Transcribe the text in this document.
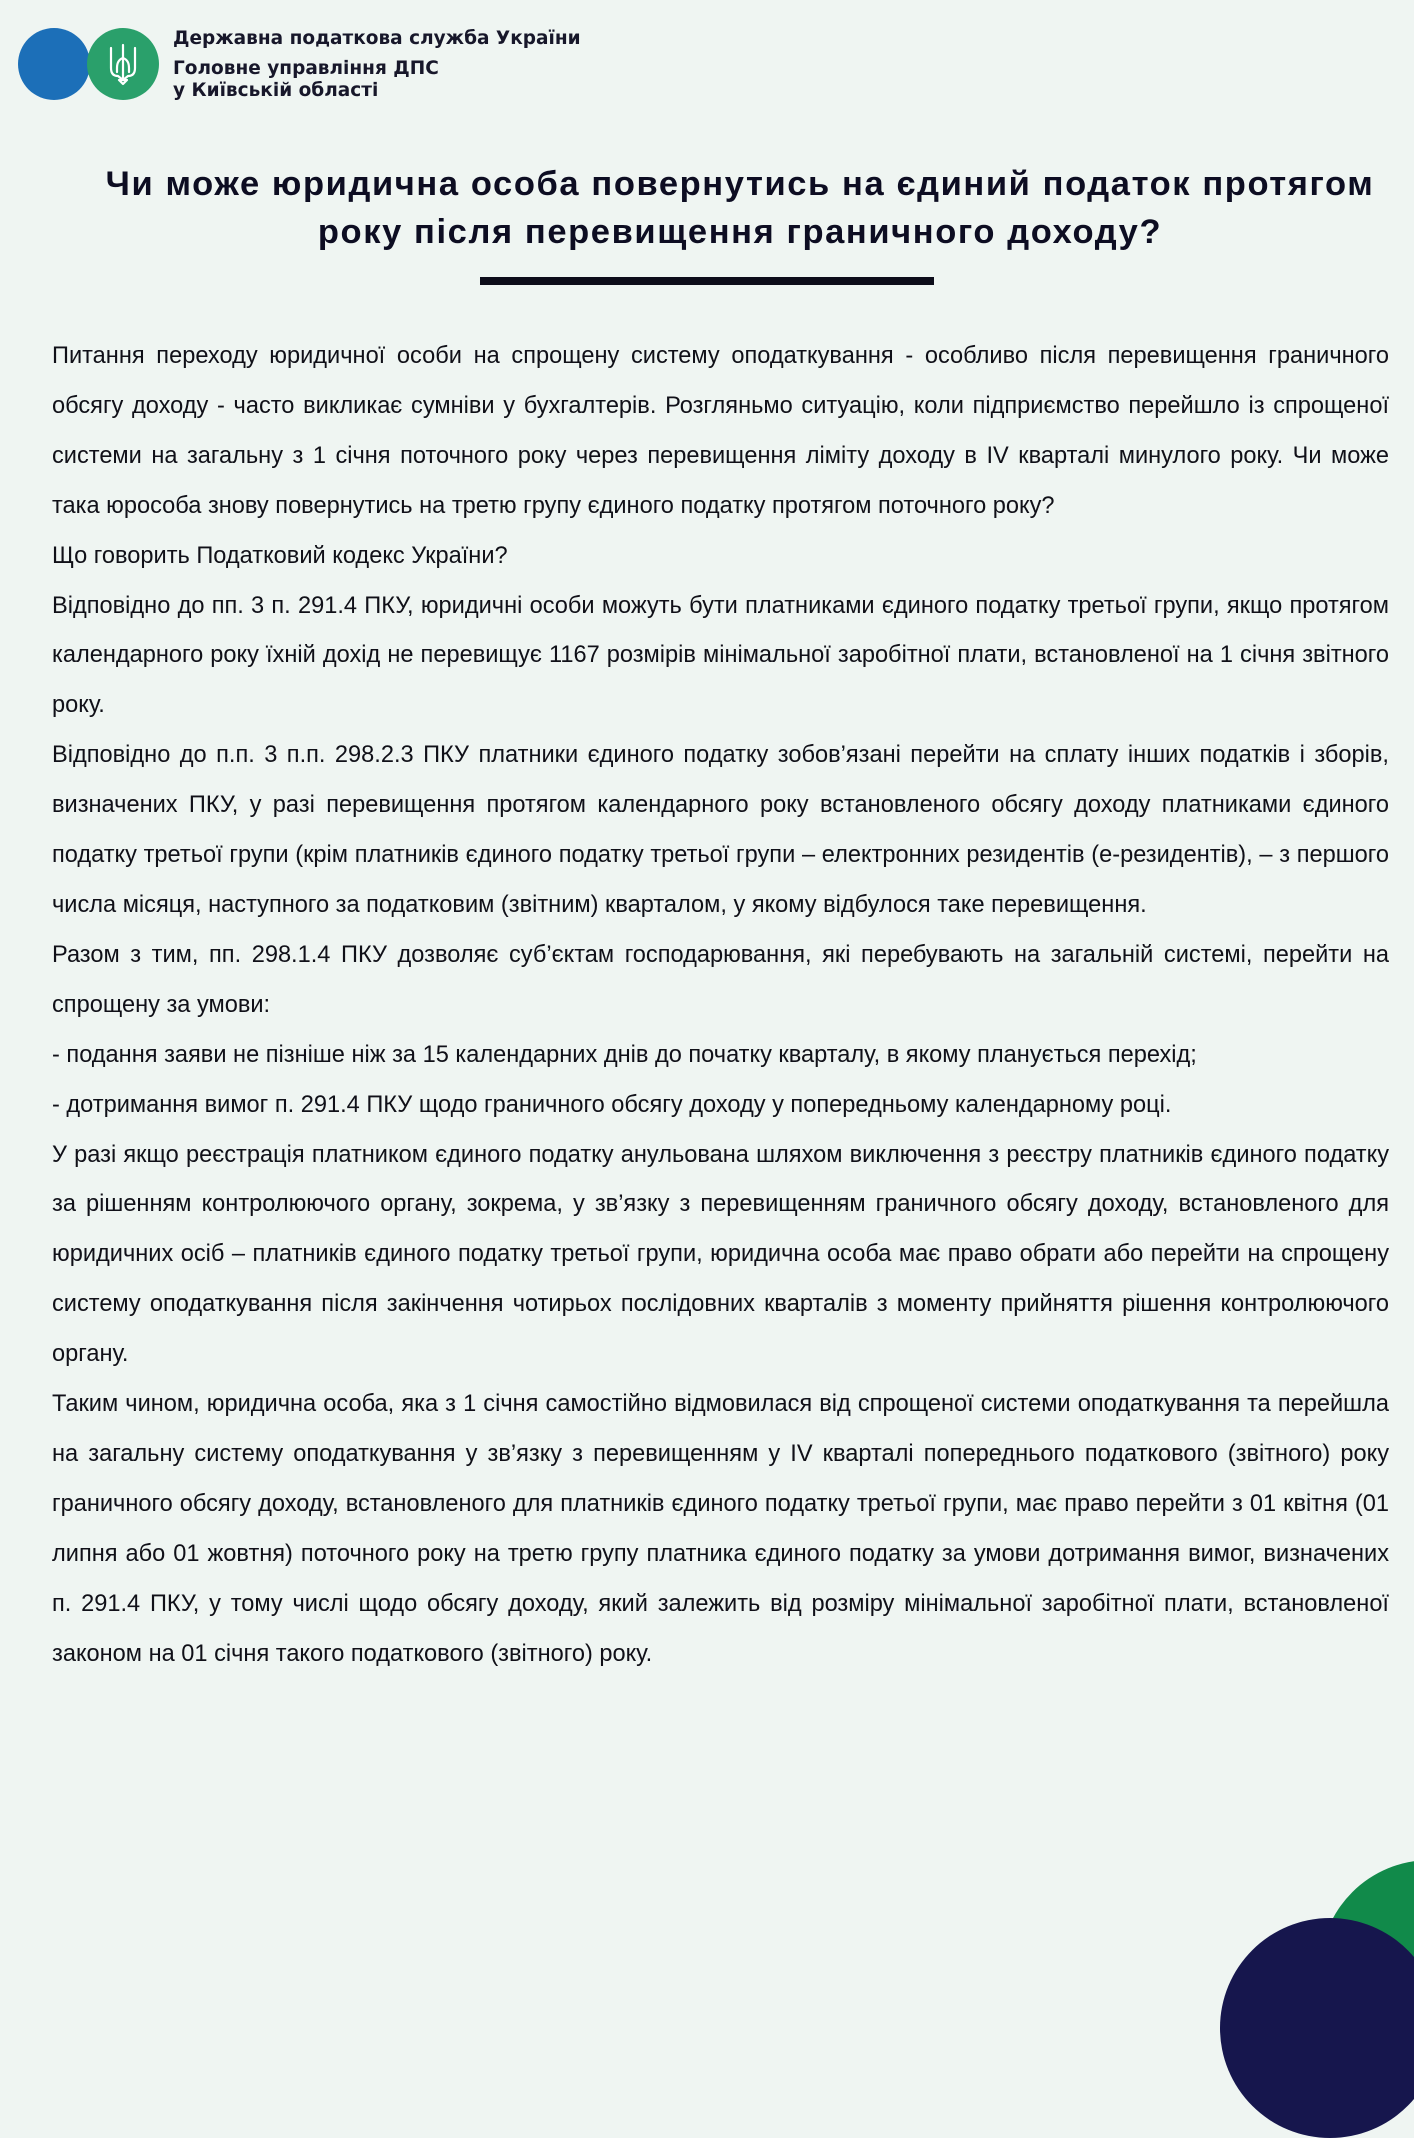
Державна податкова служба України
Головне управління ДПС
у Київській області
Чи може юридична особа повернутись на єдиний податок протягом
року після перевищення граничного доходу?

Питання переходу юридичної особи на спрощену систему оподаткування - особливо після перевищення граничного обсягу доходу - часто викликає сумніви у бухгалтерів. Розгляньмо ситуацію, коли підприємство перейшло із спрощеної системи на загальну з 1 січня поточного року через перевищення ліміту доходу в IV кварталі минулого року. Чи може така юрособа знову повернутись на третю групу єдиного податку протягом поточного року?

Що говорить Податковий кодекс України?

Відповідно до пп. 3 п. 291.4 ПКУ, юридичні особи можуть бути платниками єдиного податку третьої групи, якщо протягом календарного року їхній дохід не перевищує 1167 розмірів мінімальної заробітної плати, встановленої на 1 січня звітного року.

Відповідно до п.п. 3 п.п. 298.2.3 ПКУ платники єдиного податку зобов’язані перейти на сплату інших податків і зборів, визначених ПКУ, у разі перевищення протягом календарного року встановленого обсягу доходу платниками єдиного податку третьої групи (крім платників єдиного податку третьої групи – електронних резидентів (е-резидентів), – з першого числа місяця, наступного за податковим (звітним) кварталом, у якому відбулося таке перевищення.

Разом з тим, пп. 298.1.4 ПКУ дозволяє суб’єктам господарювання, які перебувають на загальній системі, перейти на спрощену за умови:

- подання заяви не пізніше ніж за 15 календарних днів до початку кварталу, в якому планується перехід;

- дотримання вимог п. 291.4 ПКУ щодо граничного обсягу доходу у попередньому календарному році.

У разі якщо реєстрація платником єдиного податку анульована шляхом виключення з реєстру платників єдиного податку за рішенням контролюючого органу, зокрема, у зв’язку з перевищенням граничного обсягу доходу, встановленого для юридичних осіб – платників єдиного податку третьої групи, юридична особа має право обрати або перейти на спрощену систему оподаткування після закінчення чотирьох послідовних кварталів з моменту прийняття рішення контролюючого органу.

Таким чином, юридична особа, яка з 1 січня самостійно відмовилася від спрощеної системи оподаткування та перейшла на загальну систему оподаткування у зв’язку з перевищенням у IV кварталі попереднього податкового (звітного) року граничного обсягу доходу, встановленого для платників єдиного податку третьої групи, має право перейти з 01 квітня (01 липня або 01 жовтня) поточного року на третю групу платника єдиного податку за умови дотримання вимог, визначених п. 291.4 ПКУ, у тому числі щодо обсягу доходу, який залежить від розміру мінімальної заробітної плати, встановленої законом на 01 січня такого податкового (звітного) року.
